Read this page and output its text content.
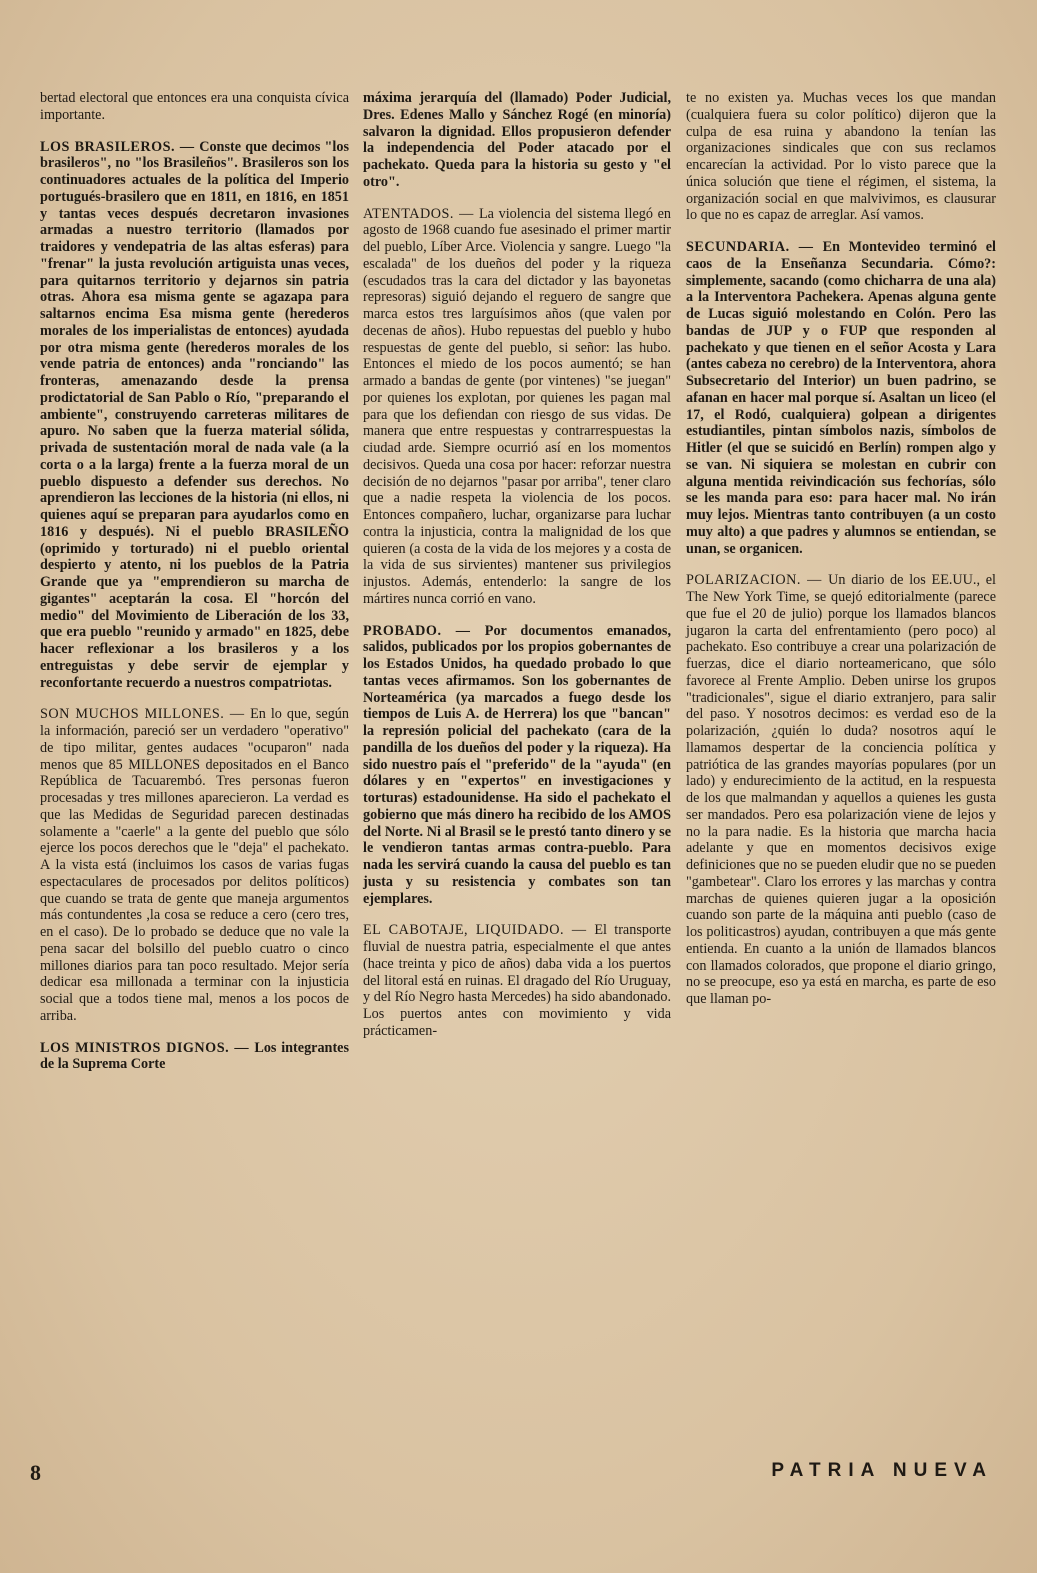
bertad electoral que entonces era una conquista cívica importante.

LOS BRASILEROS. — Conste que decimos "los brasileros", no "los Brasileños". Brasileros son los continuadores actuales de la política del Imperio portugués-brasilero que en 1811, en 1816, en 1851 y tantas veces después decretaron invasiones armadas a nuestro territorio (llamados por traidores y vendepatria de las altas esferas) para "frenar" la justa revolución artiguista unas veces, para quitarnos territorio y dejarnos sin patria otras. Ahora esa misma gente se agazapa para saltarnos encima Esa misma gente (herederos morales de los imperialistas de entonces) ayudada por otra misma gente (herederos morales de los vende patria de entonces) anda "ronciando" las fronteras, amenazando desde la prensa prodictatorial de San Pablo o Río, "preparando el ambiente", construyendo carreteras militares de apuro. No saben que la fuerza material sólida, privada de sustentación moral de nada vale (a la corta o a la larga) frente a la fuerza moral de un pueblo dispuesto a defender sus derechos. No aprendieron las lecciones de la historia (ni ellos, ni quienes aquí se preparan para ayudarlos como en 1816 y después). Ni el pueblo BRASILEÑO (oprimido y torturado) ni el pueblo oriental despierto y atento, ni los pueblos de la Patria Grande que ya "emprendieron su marcha de gigantes" aceptarán la cosa. El "horcón del medio" del Movimiento de Liberación de los 33, que era pueblo "reunido y armado" en 1825, debe hacer reflexionar a los brasileros y a los entreguistas y debe servir de ejemplar y reconfortante recuerdo a nuestros compatriotas.

SON MUCHOS MILLONES. — En lo que, según la información, pareció ser un verdadero "operativo" de tipo militar, gentes audaces "ocuparon" nada menos que 85 MILLONES depositados en el Banco República de Tacuarembó. Tres personas fueron procesadas y tres millones aparecieron. La verdad es que las Medidas de Seguridad parecen destinadas solamente a "caerle" a la gente del pueblo que sólo ejerce los pocos derechos que le "deja" el pachekato. A la vista está (incluimos los casos de varias fugas espectaculares de procesados por delitos políticos) que cuando se trata de gente que maneja argumentos más contundentes ,la cosa se reduce a cero (cero tres, en el caso). De lo probado se deduce que no vale la pena sacar del bolsillo del pueblo cuatro o cinco millones diarios para tan poco resultado. Mejor sería dedicar esa millonada a terminar con la injusticia social que a todos tiene mal, menos a los pocos de arriba.

LOS MINISTROS DIGNOS. — Los integrantes de la Suprema Corte

máxima jerarquía del (llamado) Poder Judicial, Dres. Edenes Mallo y Sánchez Rogé (en minoría) salvaron la dignidad. Ellos propusieron defender la independencia del Poder atacado por el pachekato. Queda para la historia su gesto y "el otro".

ATENTADOS. — La violencia del sistema llegó en agosto de 1968 cuando fue asesinado el primer martir del pueblo, Líber Arce. Violencia y sangre. Luego "la escalada" de los dueños del poder y la riqueza (escudados tras la cara del dictador y las bayonetas represoras) siguió dejando el reguero de sangre que marca estos tres larguísimos años (que valen por decenas de años). Hubo repuestas del pueblo y hubo respuestas de gente del pueblo, si señor: las hubo. Entonces el miedo de los pocos aumentó; se han armado a bandas de gente (por vintenes) "se juegan" por quienes los explotan, por quienes les pagan mal para que los defiendan con riesgo de sus vidas. De manera que entre respuestas y contrarrespuestas la ciudad arde. Siempre ocurrió así en los momentos decisivos. Queda una cosa por hacer: reforzar nuestra decisión de no dejarnos "pasar por arriba", tener claro que a nadie respeta la violencia de los pocos. Entonces compañero, luchar, organizarse para luchar contra la injusticia, contra la malignidad de los que quieren (a costa de la vida de los mejores y a costa de la vida de sus sirvientes) mantener sus privilegios injustos. Además, entenderlo: la sangre de los mártires nunca corrió en vano.

PROBADO. — Por documentos emanados, salidos, publicados por los propios gobernantes de los Estados Unidos, ha quedado probado lo que tantas veces afirmamos. Son los gobernantes de Norteamérica (ya marcados a fuego desde los tiempos de Luis A. de Herrera) los que "bancan" la represión policial del pachekato (cara de la pandilla de los dueños del poder y la riqueza). Ha sido nuestro país el "preferido" de la "ayuda" (en dólares y en "expertos" en investigaciones y torturas) estadounidense. Ha sido el pachekato el gobierno que más dinero ha recibido de los AMOS del Norte. Ni al Brasil se le prestó tanto dinero y se le vendieron tantas armas contra-pueblo. Para nada les servirá cuando la causa del pueblo es tan justa y su resistencia y combates son tan ejemplares.

EL CABOTAJE, LIQUIDADO. — El transporte fluvial de nuestra patria, especialmente el que antes (hace treinta y pico de años) daba vida a los puertos del litoral está en ruinas. El dragado del Río Uruguay, y del Río Negro hasta Mercedes) ha sido abandonado. Los puertos antes con movimiento y vida prácticamen-

te no existen ya. Muchas veces los que mandan (cualquiera fuera su color político) dijeron que la culpa de esa ruina y abandono la tenían las organizaciones sindicales que con sus reclamos encarecían la actividad. Por lo visto parece que la única solución que tiene el régimen, el sistema, la organización social en que malvivimos, es clausurar lo que no es capaz de arreglar. Así vamos.

SECUNDARIA. — En Montevideo terminó el caos de la Enseñanza Secundaria. Cómo?: simplemente, sacando (como chicharra de una ala) a la Interventora Pachekera. Apenas alguna gente de Lucas siguió molestando en Colón. Pero las bandas de JUP y o FUP que responden al pachekato y que tienen en el señor Acosta y Lara (antes cabeza no cerebro) de la Interventora, ahora Subsecretario del Interior) un buen padrino, se afanan en hacer mal porque sí. Asaltan un liceo (el 17, el Rodó, cualquiera) golpean a dirigentes estudiantiles, pintan símbolos nazis, símbolos de Hitler (el que se suicidó en Berlín) rompen algo y se van. Ni siquiera se molestan en cubrir con alguna mentida reivindicación sus fechorías, sólo se les manda para eso: para hacer mal. No irán muy lejos. Mientras tanto contribuyen (a un costo muy alto) a que padres y alumnos se entiendan, se unan, se organicen.

POLARIZACION. — Un diario de los EE.UU., el The New York Time, se quejó editorialmente (parece que fue el 20 de julio) porque los llamados blancos jugaron la carta del enfrentamiento (pero poco) al pachekato. Eso contribuye a crear una polarización de fuerzas, dice el diario norteamericano, que sólo favorece al Frente Amplio. Deben unirse los grupos "tradicionales", sigue el diario extranjero, para salir del paso. Y nosotros decimos: es verdad eso de la polarización, ¿quién lo duda? nosotros aquí le llamamos despertar de la conciencia política y patriótica de las grandes mayorías populares (por un lado) y endurecimiento de la actitud, en la respuesta de los que malmandan y aquellos a quienes les gusta ser mandados. Pero esa polarización viene de lejos y no la para nadie. Es la historia que marcha hacia adelante y que en momentos decisivos exige definiciones que no se pueden eludir que no se pueden "gambetear". Claro los errores y las marchas y contra marchas de quienes quieren jugar a la oposición cuando son parte de la máquina anti pueblo (caso de los politicastros) ayudan, contribuyen a que más gente entienda. En cuanto a la unión de llamados blancos con llamados colorados, que propone el diario gringo, no se preocupe, eso ya está en marcha, es parte de eso que llaman po-

8	PATRIA NUEVA
